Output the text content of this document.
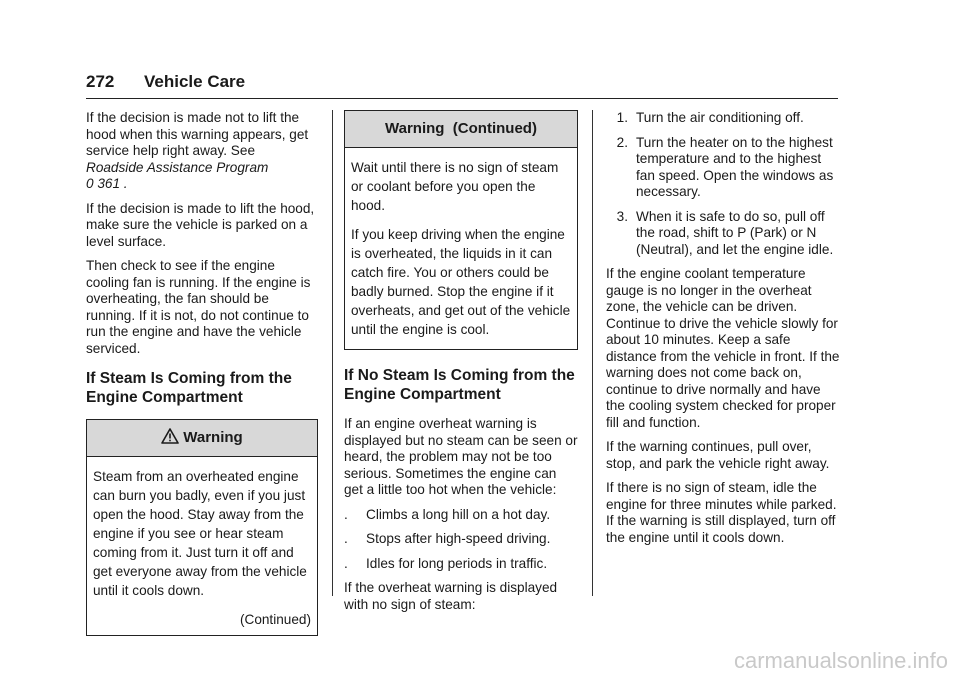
272 Vehicle Care

If the decision is made not to lift the hood when this warning appears, get service help right away. See
Roadside Assistance Program
0 361 .

If the decision is made to lift the hood, make sure the vehicle is parked on a level surface.

Then check to see if the engine cooling fan is running. If the engine is overheating, the fan should be running. If it is not, do not continue to run the engine and have the vehicle serviced.

If Steam Is Coming from the Engine Compartment
Warning

Steam from an overheated engine can burn you badly, even if you just open the hood. Stay away from the engine if you see or hear steam coming from it. Just turn it off and get everyone away from the vehicle until it cools down.

(Continued)
Warning  (Continued)

Wait until there is no sign of steam or coolant before you open the hood.

If you keep driving when the engine is overheated, the liquids in it can catch fire. You or others could be badly burned. Stop the engine if it overheats, and get out of the vehicle until the engine is cool.

If No Steam Is Coming from the Engine Compartment

If an engine overheat warning is displayed but no steam can be seen or heard, the problem may not be too serious. Sometimes the engine can get a little too hot when the vehicle:

.	Climbs a long hill on a hot day.
.	Stops after high-speed driving.
.	Idles for long periods in traffic.

If the overheat warning is displayed with no sign of steam:

1. Turn the air conditioning off.
2. Turn the heater on to the highest temperature and to the highest fan speed. Open the windows as necessary.
3. When it is safe to do so, pull off the road, shift to P (Park) or N (Neutral), and let the engine idle.

If the engine coolant temperature gauge is no longer in the overheat zone, the vehicle can be driven. Continue to drive the vehicle slowly for about 10 minutes. Keep a safe distance from the vehicle in front. If the warning does not come back on, continue to drive normally and have the cooling system checked for proper fill and function.

If the warning continues, pull over, stop, and park the vehicle right away.

If there is no sign of steam, idle the engine for three minutes while parked. If the warning is still displayed, turn off the engine until it cools down.

carmanualsonline.info
